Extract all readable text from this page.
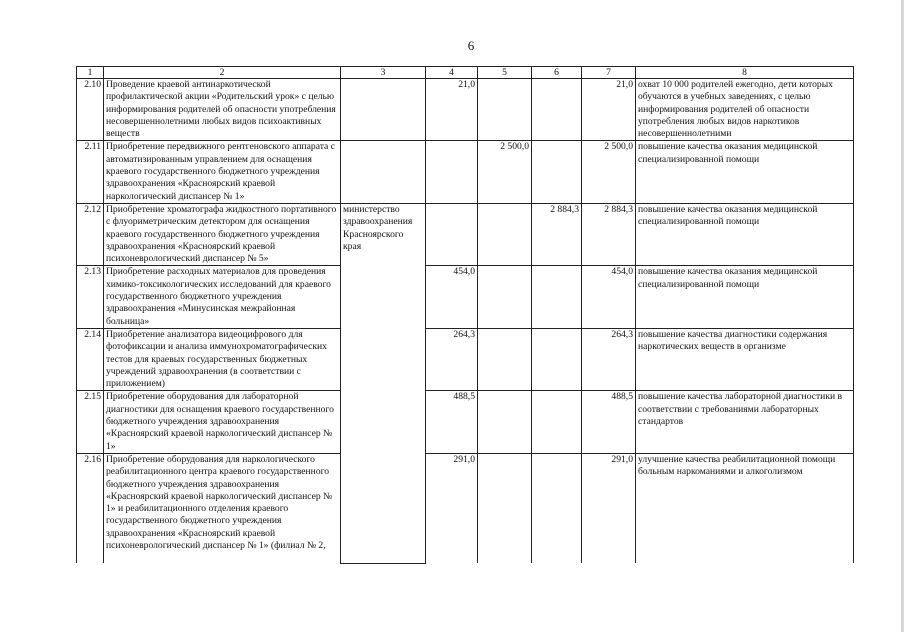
6
1	2	3	4	5	6	7	8
2.10	Проведение краевой антинаркотической профилактической акции «Родительский урок» с целью информирования родителей об опасности употребления несовершеннолетними любых видов психоактивных веществ		21,0			21,0	охват 10 000 родителей ежегодно, дети которых обучаются в учебных заведениях, с целью информирования родителей об опасности употребления любых видов наркотиков несовершеннолетними
2.11	Приобретение передвижного рентгеновского аппарата с автоматизированным управлением для оснащения краевого государственного бюджетного учреждения здравоохранения «Красноярский краевой наркологический диспансер № 1»			2 500,0		2 500,0	повышение качества оказания медицинской специализированной помощи
2.12	Приобретение хроматографа жидкостного портативного с флуориметрическим детектором для оснащения краевого государственного бюджетного учреждения здравоохранения «Красноярский краевой психоневрологический диспансер № 5»	министерство здравоохранения Красноярского края			2 884,3	2 884,3	повышение качества оказания медицинской специализированной помощи
2.13	Приобретение расходных материалов для проведения химико-токсикологических исследований для краевого государственного бюджетного учреждения здравоохранения «Минусинская межрайонная больница»		454,0			454,0	повышение качества оказания медицинской специализированной помощи
2.14	Приобретение анализатора видеоцифрового для фотофиксации и анализа иммунохроматографических тестов для краевых государственных бюджетных учреждений здравоохранения (в соответствии с приложением)		264,3			264,3	повышение качества диагностики содержания наркотических веществ в организме
2.15	Приобретение оборудования для лабораторной диагностики для оснащения краевого государственного бюджетного учреждения здравоохранения «Красноярский краевой наркологический диспансер № 1»		488,5			488,5	повышение качества лабораторной диагностики в соответствии с требованиями лабораторных стандартов
2.16	Приобретение оборудования для наркологического реабилитационного центра краевого государственного бюджетного учреждения здравоохранения «Красноярский краевой наркологический диспансер № 1» и реабилитационного отделения краевого государственного бюджетного учреждения здравоохранения «Красноярский краевой психоневрологический диспансер № 1» (филиал № 2,		291,0			291,0	улучшение качества реабилитационной помощи больным наркоманиями и алкоголизмом
